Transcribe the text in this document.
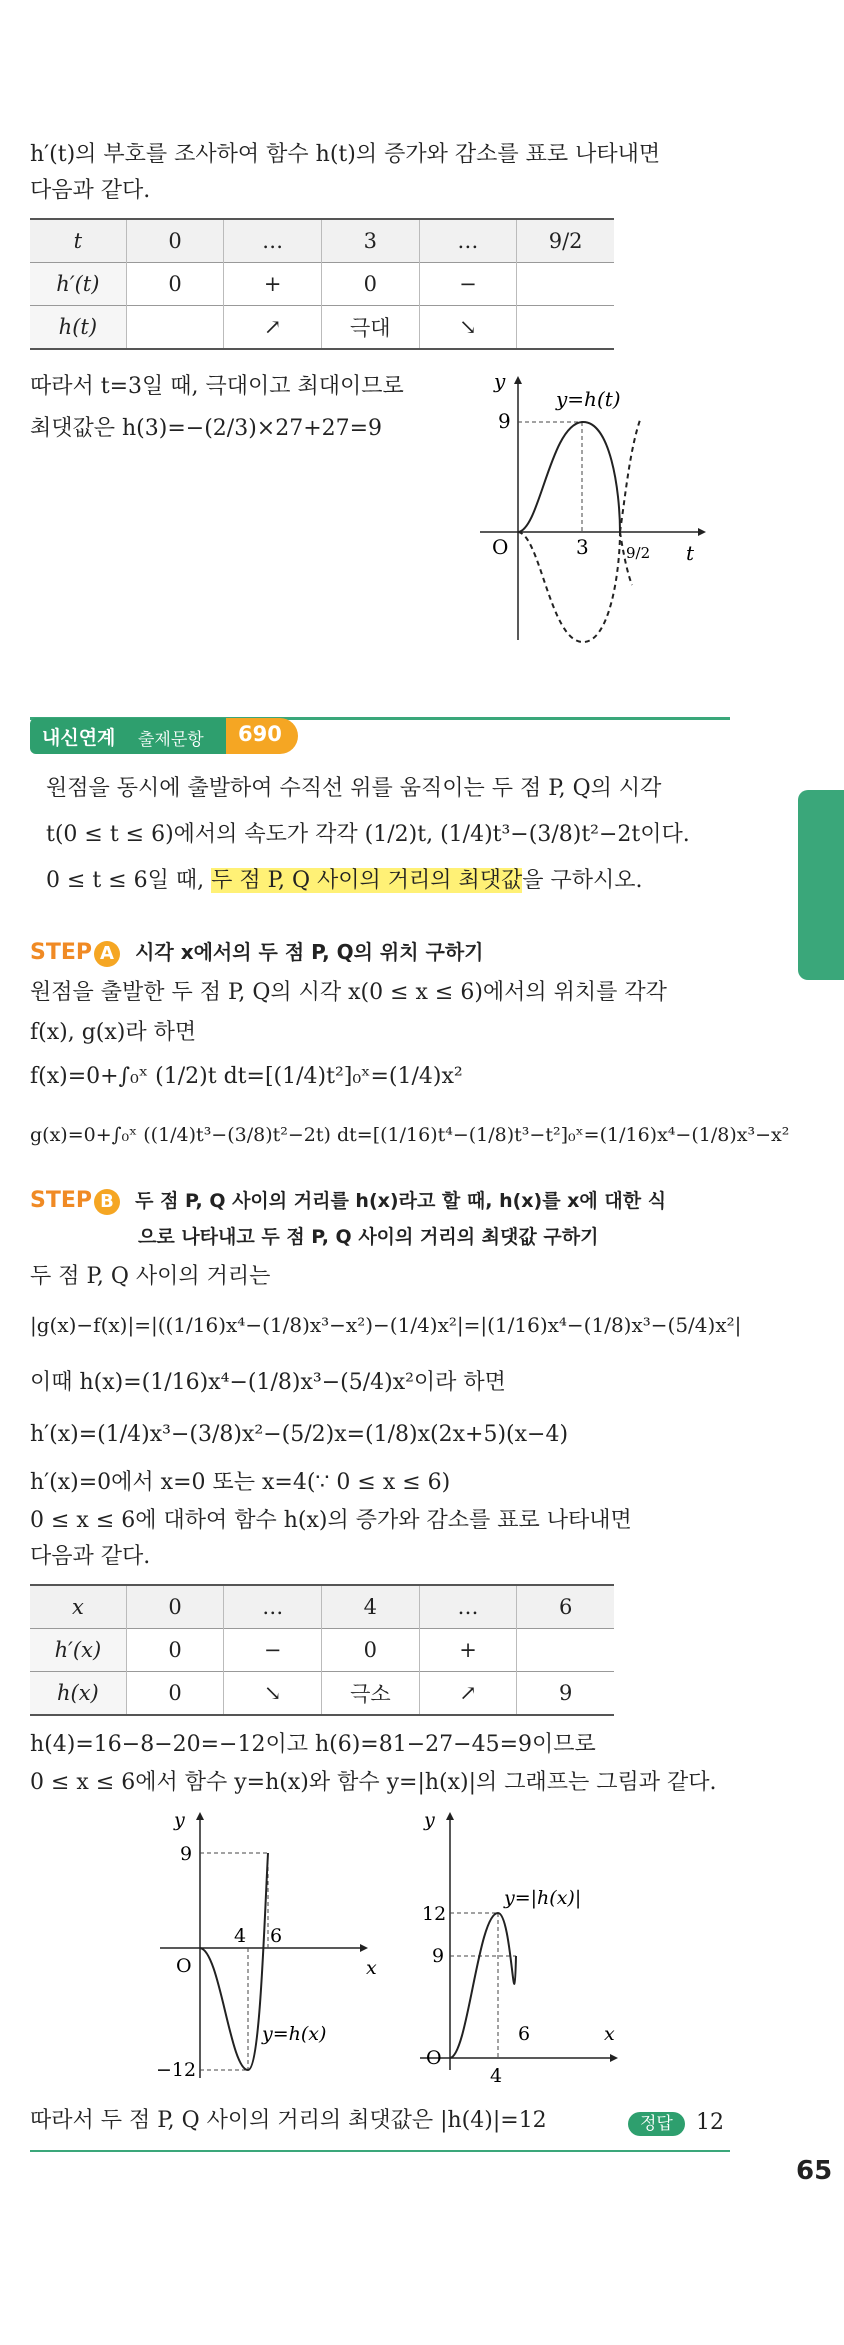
h′(t)의 부호를 조사하여 함수 h(t)의 증가와 감소를 표로 나타내면
다음과 같다.
t	0	…	3	…	9/2
h′(t)	0	+	0	−	
h(t)		↗	극대	↘	
따라서 t=3일 때, 극대이고 최대이므로
최댓값은 h(3)=−(2/3)×27+27=9
y
t
O
9
3 9/2
y=h(t)
내신연계 출제문항 690
원점을 동시에 출발하여 수직선 위를 움직이는 두 점 P, Q의 시각
t(0 ≤ t ≤ 6)에서의 속도가 각각 (1/2)t, (1/4)t³−(3/8)t²−2t이다.
0 ≤ t ≤ 6일 때, 두 점 P, Q 사이의 거리의 최댓값을 구하시오.
STEP A 시각 x에서의 두 점 P, Q의 위치 구하기
원점을 출발한 두 점 P, Q의 시각 x(0 ≤ x ≤ 6)에서의 위치를 각각
f(x), g(x)라 하면
f(x)=0+∫₀ˣ (1/2)t dt=[(1/4)t²]₀ˣ=(1/4)x²
g(x)=0+∫₀ˣ ((1/4)t³−(3/8)t²−2t) dt=[(1/16)t⁴−(1/8)t³−t²]₀ˣ=(1/16)x⁴−(1/8)x³−x²
STEP B 두 점 P, Q 사이의 거리를 h(x)라고 할 때, h(x)를 x에 대한 식
으로 나타내고 두 점 P, Q 사이의 거리의 최댓값 구하기
두 점 P, Q 사이의 거리는
|g(x)−f(x)|=|((1/16)x⁴−(1/8)x³−x²)−(1/4)x²|=|(1/16)x⁴−(1/8)x³−(5/4)x²|
이때 h(x)=(1/16)x⁴−(1/8)x³−(5/4)x²이라 하면
h′(x)=(1/4)x³−(3/8)x²−(5/2)x=(1/8)x(2x+5)(x−4)
h′(x)=0에서 x=0 또는 x=4(∵ 0 ≤ x ≤ 6)
0 ≤ x ≤ 6에 대하여 함수 h(x)의 증가와 감소를 표로 나타내면
다음과 같다.
x	0	…	4	…	6
h′(x)	0	−	0	+	
h(x)	0	↘	극소	↗	9
h(4)=16−8−20=−12이고 h(6)=81−27−45=9이므로
0 ≤ x ≤ 6에서 함수 y=h(x)와 함수 y=|h(x)|의 그래프는 그림과 같다.
y
x
O
9
4 6
−12
y=h(x)
y
x
O
12
9
4
6
y=|h(x)|
따라서 두 점 P, Q 사이의 거리의 최댓값은 |h(4)|=12	정답 12
65
